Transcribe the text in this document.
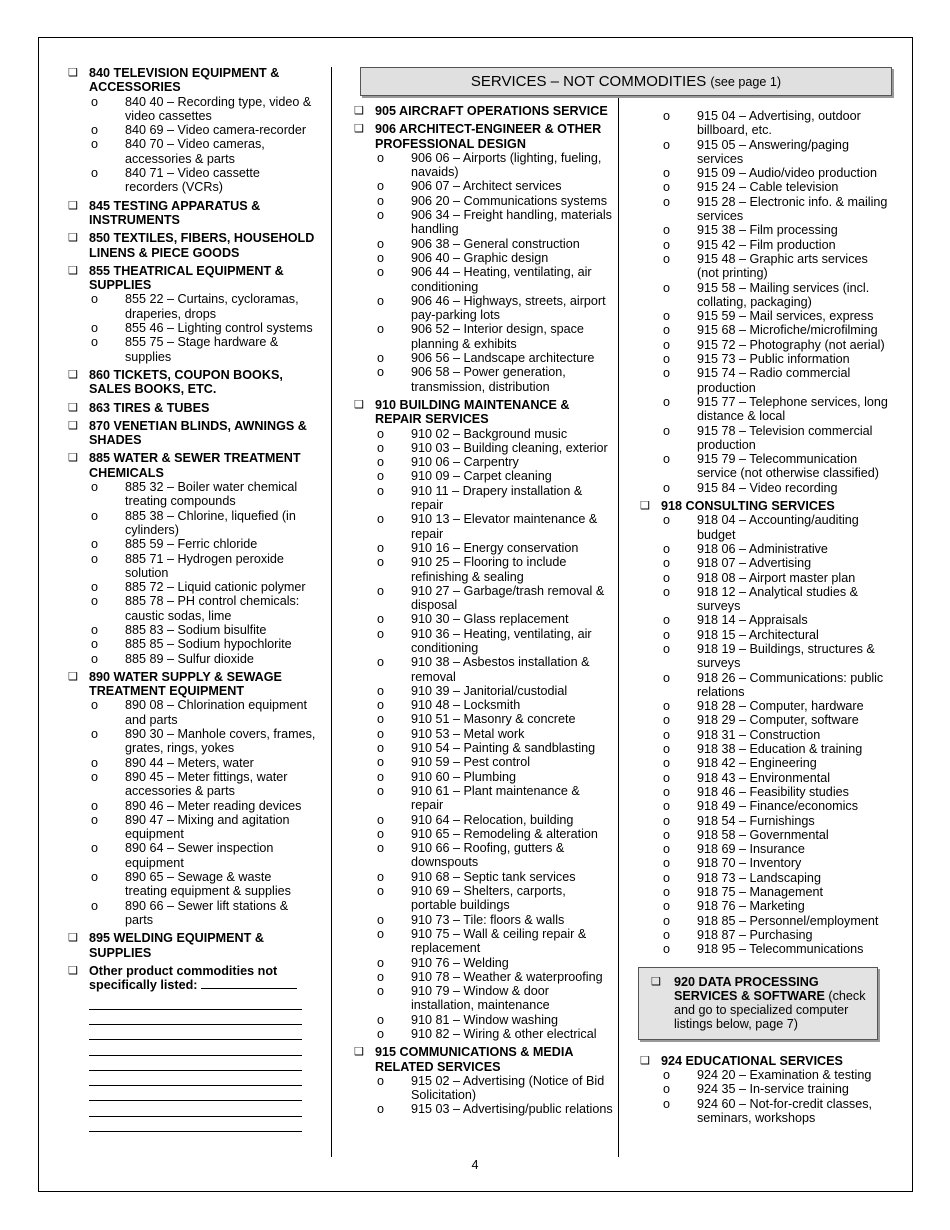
SERVICES – NOT COMMODITIES (see page 1)
❑ 840 TELEVISION EQUIPMENT & ACCESSORIES
o	840 40 – Recording type, video & video cassettes
o	840 69 – Video camera-recorder
o	840 70 – Video cameras, accessories & parts
o	840 71 – Video cassette recorders (VCRs)
❑ 845 TESTING APPARATUS & INSTRUMENTS
❑ 850 TEXTILES, FIBERS, HOUSEHOLD LINENS & PIECE GOODS
❑ 855 THEATRICAL EQUIPMENT & SUPPLIES
o	855 22 – Curtains, cycloramas, draperies, drops
o	855 46 – Lighting control systems
o	855 75 – Stage hardware & supplies
❑ 860 TICKETS, COUPON BOOKS, SALES BOOKS, ETC.
❑ 863 TIRES & TUBES
❑ 870 VENETIAN BLINDS, AWNINGS & SHADES
❑ 885 WATER & SEWER TREATMENT CHEMICALS
o	885 32 – Boiler water chemical treating compounds
o	885 38 – Chlorine, liquefied (in cylinders)
o	885 59 – Ferric chloride
o	885 71 – Hydrogen peroxide solution
o	885 72 – Liquid cationic polymer
o	885 78 – PH control chemicals: caustic sodas, lime
o	885 83 – Sodium bisulfite
o	885 85 – Sodium hypochlorite
o	885 89 – Sulfur dioxide
❑ 890 WATER SUPPLY & SEWAGE TREATMENT EQUIPMENT
o	890 08 – Chlorination equipment and parts
o	890 30 – Manhole covers, frames, grates, rings, yokes
o	890 44 – Meters, water
o	890 45 – Meter fittings, water accessories & parts
o	890 46 – Meter reading devices
o	890 47 – Mixing and agitation equipment
o	890 64 – Sewer inspection equipment
o	890 65 – Sewage & waste treating equipment & supplies
o	890 66 – Sewer lift stations & parts
❑ 895 WELDING EQUIPMENT & SUPPLIES
❑ Other product commodities not specifically listed:
❑ 905 AIRCRAFT OPERATIONS SERVICE
❑ 906 ARCHITECT-ENGINEER & OTHER PROFESSIONAL DESIGN
o	906 06 – Airports (lighting, fueling, navaids)
o	906 07 – Architect services
o	906 20 – Communications systems
o	906 34 – Freight handling, materials handling
o	906 38 – General construction
o	906 40 – Graphic design
o	906 44 – Heating, ventilating, air conditioning
o	906 46 – Highways, streets, airport pay-parking lots
o	906 52 – Interior design, space planning & exhibits
o	906 56 – Landscape architecture
o	906 58 – Power generation, transmission, distribution
❑ 910 BUILDING MAINTENANCE & REPAIR SERVICES
o	910 02 – Background music
o	910 03 – Building cleaning, exterior
o	910 06 – Carpentry
o	910 09 – Carpet cleaning
o	910 11 – Drapery installation & repair
o	910 13 – Elevator maintenance & repair
o	910 16 – Energy conservation
o	910 25 – Flooring to include refinishing & sealing
o	910 27 – Garbage/trash removal & disposal
o	910 30 – Glass replacement
o	910 36 – Heating, ventilating, air conditioning
o	910 38 – Asbestos installation & removal
o	910 39 – Janitorial/custodial
o	910 48 – Locksmith
o	910 51 – Masonry & concrete
o	910 53 – Metal work
o	910 54 – Painting & sandblasting
o	910 59 – Pest control
o	910 60 – Plumbing
o	910 61 – Plant maintenance & repair
o	910 64 – Relocation, building
o	910 65 – Remodeling & alteration
o	910 66 – Roofing, gutters & downspouts
o	910 68 – Septic tank services
o	910 69 – Shelters, carports, portable buildings
o	910 73 – Tile: floors & walls
o	910 75 – Wall & ceiling repair & replacement
o	910 76 – Welding
o	910 78 – Weather & waterproofing
o	910 79 – Window & door installation, maintenance
o	910 81 – Window washing
o	910 82 – Wiring & other electrical
❑ 915 COMMUNICATIONS & MEDIA RELATED SERVICES
o	915 02 – Advertising (Notice of Bid Solicitation)
o	915 03 – Advertising/public relations
o	915 04 – Advertising, outdoor billboard, etc.
o	915 05 – Answering/paging services
o	915 09 – Audio/video production
o	915 24 – Cable television
o	915 28 – Electronic info. & mailing services
o	915 38 – Film processing
o	915 42 – Film production
o	915 48 – Graphic arts services (not printing)
o	915 58 – Mailing services (incl. collating, packaging)
o	915 59 – Mail services, express
o	915 68 – Microfiche/microfilming
o	915 72 – Photography (not aerial)
o	915 73 – Public information
o	915 74 – Radio commercial production
o	915 77 – Telephone services, long distance & local
o	915 78 – Television commercial production
o	915 79 – Telecommunication service (not otherwise classified)
o	915 84 – Video recording
❑ 918 CONSULTING SERVICES
o	918 04 – Accounting/auditing budget
o	918 06 – Administrative
o	918 07 – Advertising
o	918 08 – Airport master plan
o	918 12 – Analytical studies & surveys
o	918 14 – Appraisals
o	918 15 – Architectural
o	918 19 – Buildings, structures & surveys
o	918 26 – Communications: public relations
o	918 28 – Computer, hardware
o	918 29 – Computer, software
o	918 31 – Construction
o	918 38 – Education & training
o	918 42 – Engineering
o	918 43 – Environmental
o	918 46 – Feasibility studies
o	918 49 – Finance/economics
o	918 54 – Furnishings
o	918 58 – Governmental
o	918 69 – Insurance
o	918 70 – Inventory
o	918 73 – Landscaping
o	918 75 – Management
o	918 76 – Marketing
o	918 85 – Personnel/employment
o	918 87 – Purchasing
o	918 95 – Telecommunications
❑ 920 DATA PROCESSING SERVICES & SOFTWARE (check and go to specialized computer listings below, page 7)
❑ 924 EDUCATIONAL SERVICES
o	924 20 – Examination & testing
o	924 35 – In-service training
o	924 60 – Not-for-credit classes, seminars, workshops
4
